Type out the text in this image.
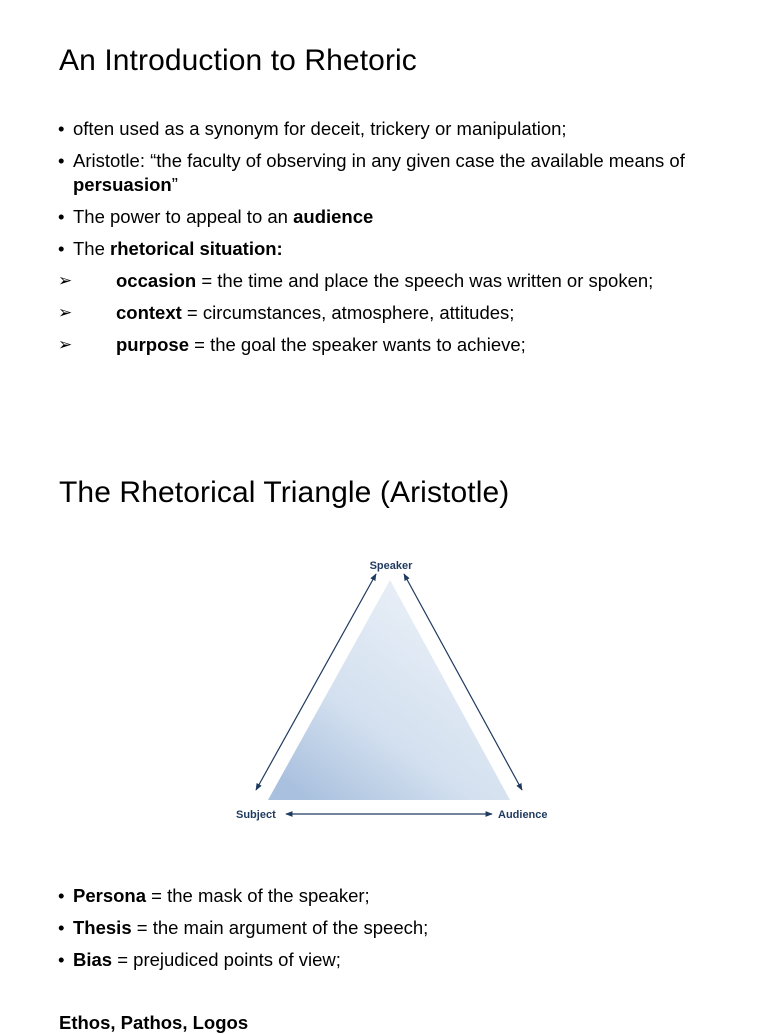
An Introduction to Rhetoric
• often used as a synonym for deceit, trickery or manipulation;
• Aristotle: “the faculty of observing in any given case the available means of persuasion”
• The power to appeal to an audience
• The rhetorical situation:
➢ occasion = the time and place the speech was written or spoken;
➢ context = circumstances, atmosphere, attitudes;
➢ purpose = the goal the speaker wants to achieve;
The Rhetorical Triangle (Aristotle)
Speaker
Subject	Audience
• Persona = the mask of the speaker;
• Thesis = the main argument of the speech;
• Bias = prejudiced points of view;
Ethos, Pathos, Logos
